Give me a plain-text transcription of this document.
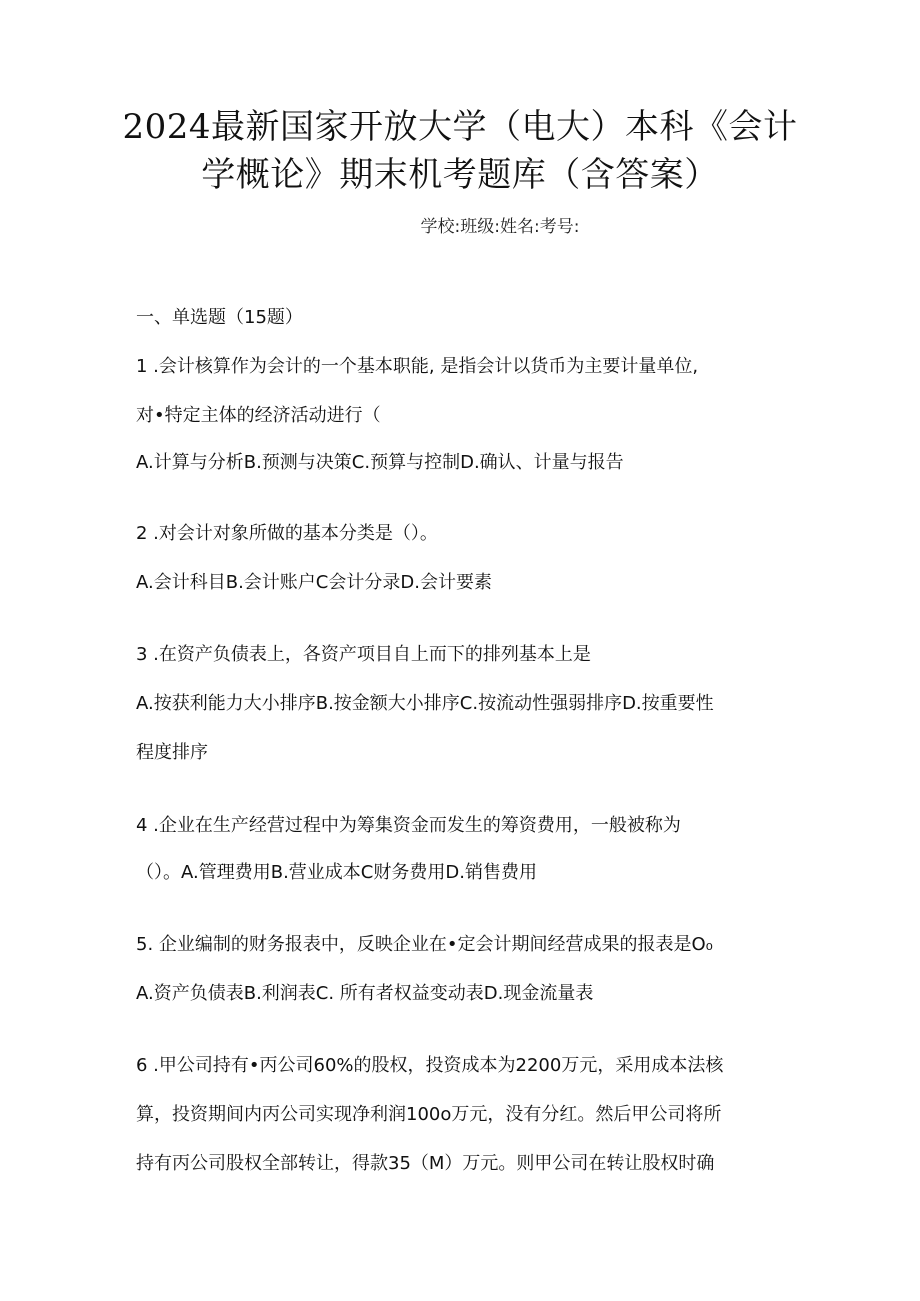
2024最新国家开放大学（电大）本科《会计
学概论》期末机考题库（含答案）
学校:班级:姓名:考号:

一、单选题（15题）

1 .会计核算作为会计的一个基本职能, 是指会计以货币为主要计量单位,

对•特定主体的经济活动进行（

A.计算与分析B.预测与决策C.预算与控制D.确认、计量与报告

2 .对会计对象所做的基本分类是（）。

A.会计科目B.会计账户C会计分录D.会计要素

3 .在资产负债表上，各资产项目自上而下的排列基本上是

A.按获利能力大小排序B.按金额大小排序C.按流动性强弱排序D.按重要性

程度排序

4 .企业在生产经营过程中为筹集资金而发生的筹资费用，一般被称为

（）。A.管理费用B.营业成本C财务费用D.销售费用

5. 企业编制的财务报表中，反映企业在•定会计期间经营成果的报表是O₀

A.资产负债表B.利润表C. 所有者权益变动表D.现金流量表

6 .甲公司持有•丙公司60%的股权，投资成本为2200万元，采用成本法核

算，投资期间内丙公司实现净利润100o万元，没有分红。然后甲公司将所

持有丙公司股权全部转让，得款35（M）万元。则甲公司在转让股权时确
